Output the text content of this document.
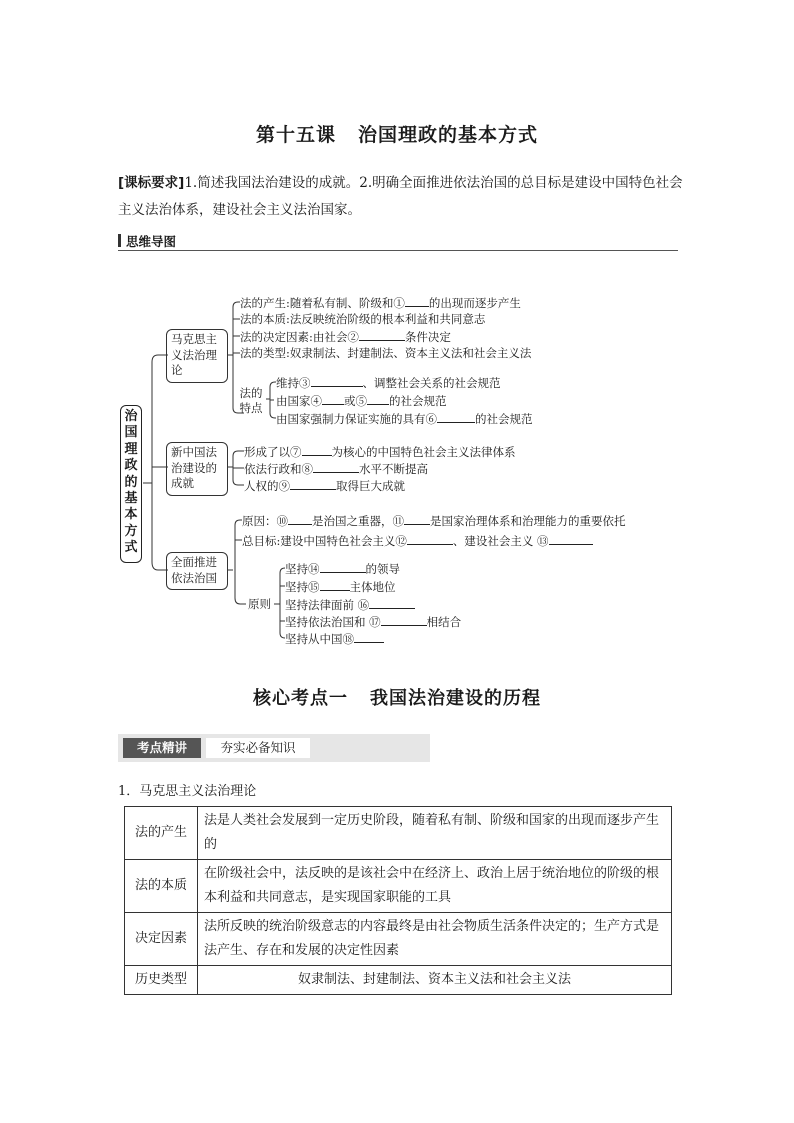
第十五课 治国理政的基本方式
[课标要求]1.简述我国法治建设的成就。2.明确全面推进依法治国的总目标是建设中国特色社会主义法治体系，建设社会主义法治国家。
思维导图
治国理政的基本方式
马克思主义法治理论
法的产生:随着私有制、阶级和① 的出现而逐步产生
法的本质:法反映统治阶级的根本利益和共同意志
法的决定因素:由社会②	条件决定
法的类型:奴隶制法、封建制法、资本主义法和社会主义法
法的特点
维持③	、调整社会关系的社会规范
由国家④ 或⑤ 的社会规范
由国家强制力保证实施的具有⑥	的社会规范
新中国法治建设的成就
形成了以⑦	为核心的中国特色社会主义法律体系
依法行政和⑧	水平不断提高
人权的⑨	取得巨大成就
全面推进依法治国
原因：⑩ 是治国之重器，⑪ 是国家治理体系和治理能力的重要依托
总目标:建设中国特色社会主义⑫	、建设社会主义 ⑬
原则
坚持⑭	的领导
坚持⑮	主体地位
坚持法律面前 ⑯
坚持依法治国和 ⑰	相结合
坚持从中国⑱
核心考点一 我国法治建设的历程
考点精讲	夯实必备知识
1．马克思主义法治理论
法的产生	法是人类社会发展到一定历史阶段，随着私有制、阶级和国家的出现而逐步产生的
法的本质	在阶级社会中，法反映的是该社会中在经济上、政治上居于统治地位的阶级的根本利益和共同意志，是实现国家职能的工具
决定因素	法所反映的统治阶级意志的内容最终是由社会物质生活条件决定的；生产方式是法产生、存在和发展的决定性因素
历史类型	奴隶制法、封建制法、资本主义法和社会主义法
